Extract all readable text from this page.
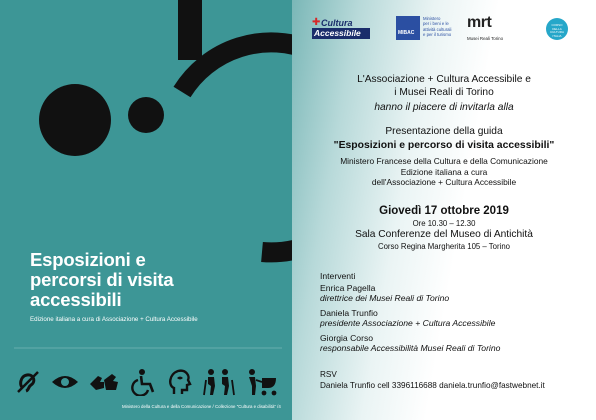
Esposizioni e
percorsi di visita
accessibili
Edizione italiana a cura di Associazione + Cultura Accessibile
Ministero della Cultura e della Comunicazione / Collezione "Cultura e disabilità" /4
✚ Cultura
Accessibile	MIBAC
Ministero
per i beni e le
attività culturali
e per il turismo
mrt
Musei Reali Torino
CORSO
DELLA
CULTURA
ITALIA
L'Associazione + Cultura Accessibile e
i Musei Reali di Torino
hanno il piacere di invitarla alla
Presentazione della guida
"Esposizioni e percorso di visita accessibili"
Ministero Francese della Cultura e della Comunicazione
Edizione italiana a cura
dell'Associazione + Cultura Accessibile
Giovedì 17 ottobre 2019
Ore 10.30 – 12.30
Sala Conferenze del Museo di Antichità
Corso Regina Margherita 105 – Torino
Interventi
Enrica Pagella
direttrice dei Musei Reali di Torino
Daniela Trunfio
presidente Associazione + Cultura Accessibile
Giorgia Corso
responsabile Accessibilità Musei Reali di Torino
RSV
Daniela Trunfio cell 3396116688 daniela.trunfio@fastwebnet.it
